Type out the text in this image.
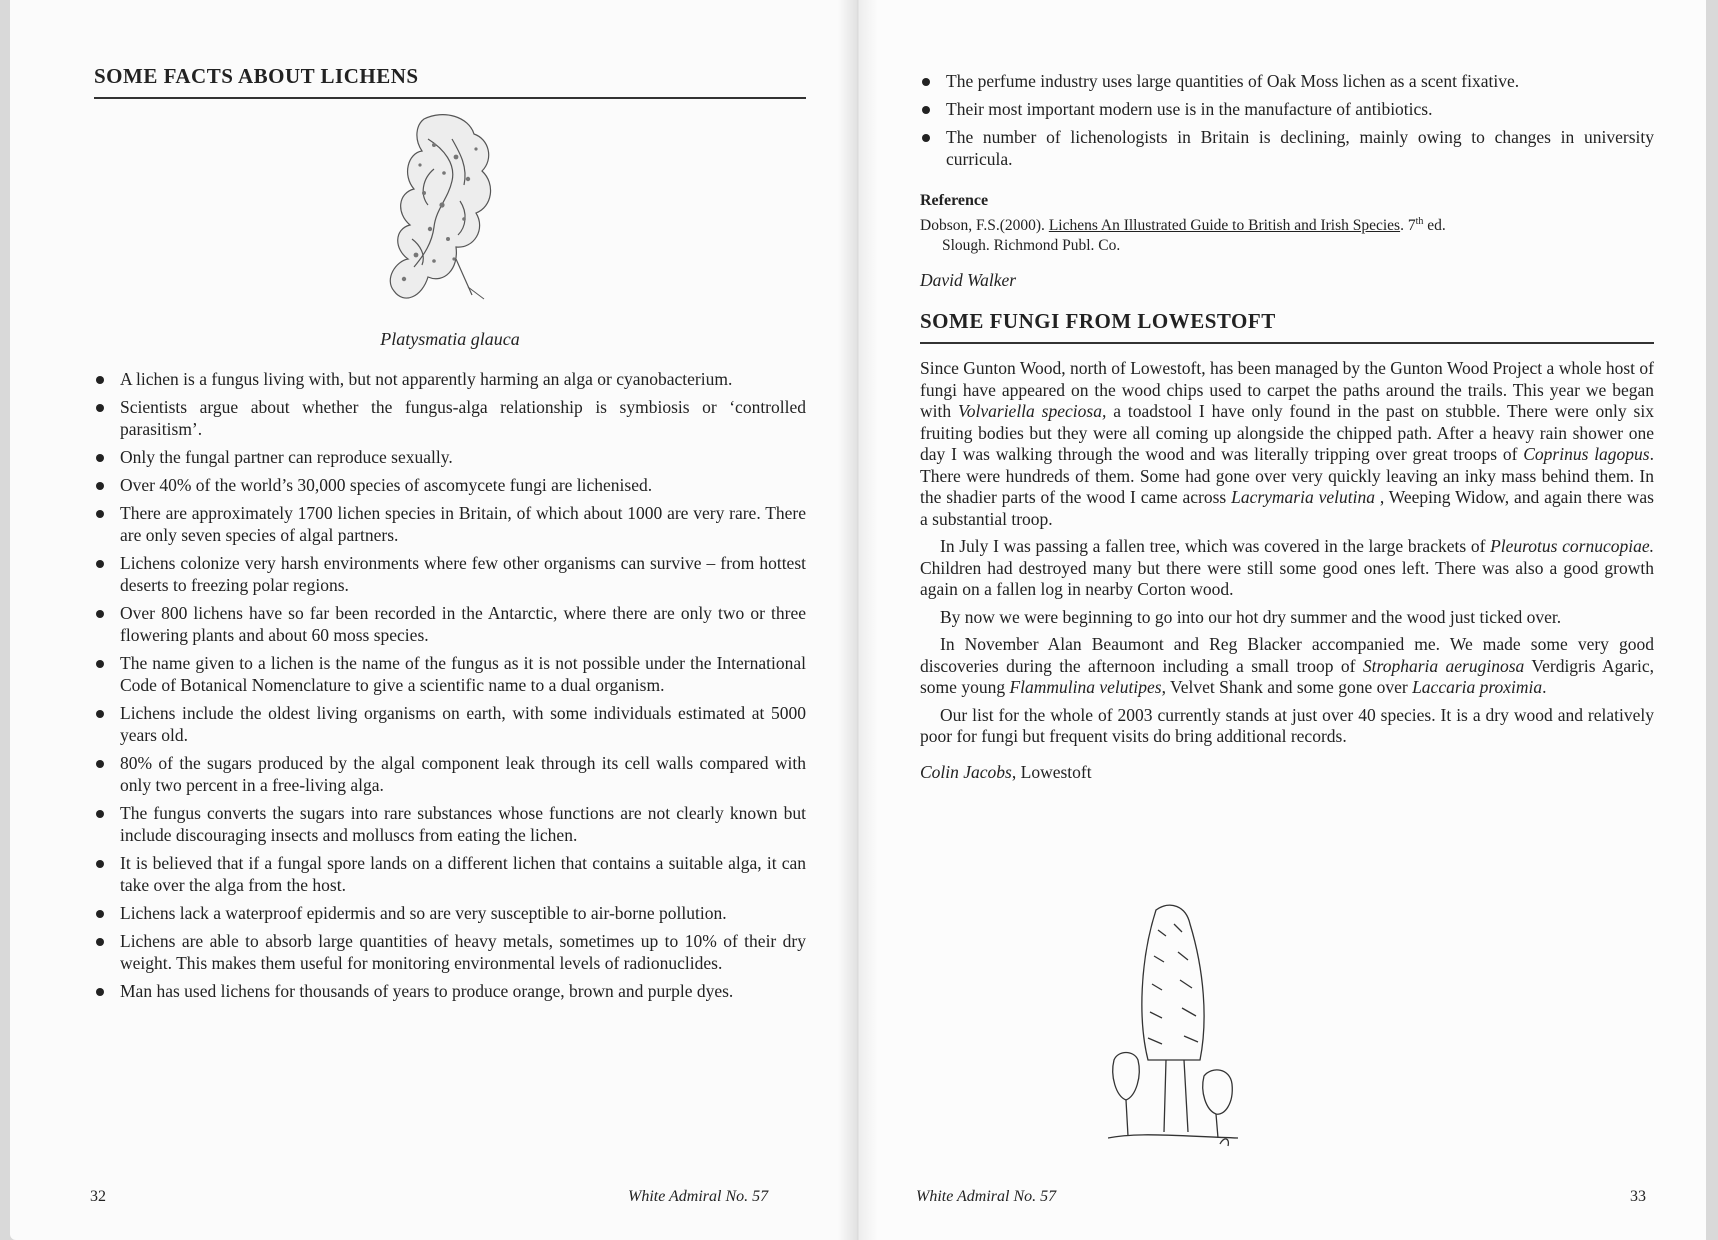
SOME FACTS ABOUT LICHENS
Platysmatia glauca
A lichen is a fungus living with, but not apparently harming an alga or cyanobacterium.
Scientists argue about whether the fungus-alga relationship is symbiosis or ‘controlled parasitism’.
Only the fungal partner can reproduce sexually.
Over 40% of the world’s 30,000 species of ascomycete fungi are lichenised.
There are approximately 1700 lichen species in Britain, of which about 1000 are very rare. There are only seven species of algal partners.
Lichens colonize very harsh environments where few other organisms can survive – from hottest deserts to freezing polar regions.
Over 800 lichens have so far been recorded in the Antarctic, where there are only two or three flowering plants and about 60 moss species.
The name given to a lichen is the name of the fungus as it is not possible under the International Code of Botanical Nomenclature to give a scientific name to a dual organism.
Lichens include the oldest living organisms on earth, with some individuals estimated at 5000 years old.
80% of the sugars produced by the algal component leak through its cell walls compared with only two percent in a free-living alga.
The fungus converts the sugars into rare substances whose functions are not clearly known but include discouraging insects and molluscs from eating the lichen.
It is believed that if a fungal spore lands on a different lichen that contains a suitable alga, it can take over the alga from the host.
Lichens lack a waterproof epidermis and so are very susceptible to air-borne pollution.
Lichens are able to absorb large quantities of heavy metals, sometimes up to 10% of their dry weight. This makes them useful for monitoring environmental levels of radionuclides.
Man has used lichens for thousands of years to produce orange, brown and purple dyes.
32	White Admiral No. 57
The perfume industry uses large quantities of Oak Moss lichen as a scent fixative.
Their most important modern use is in the manufacture of antibiotics.
The number of lichenologists in Britain is declining, mainly owing to changes in university curricula.
Reference
Dobson, F.S.(2000). Lichens An Illustrated Guide to British and Irish Species. 7th ed.
Slough. Richmond Publ. Co.
David Walker
SOME FUNGI FROM LOWESTOFT

Since Gunton Wood, north of Lowestoft, has been managed by the Gunton Wood Project a whole host of fungi have appeared on the wood chips used to carpet the paths around the trails. This year we began with Volvariella speciosa, a toadstool I have only found in the past on stubble. There were only six fruiting bodies but they were all coming up alongside the chipped path. After a heavy rain shower one day I was walking through the wood and was literally tripping over great troops of Coprinus lagopus. There were hundreds of them. Some had gone over very quickly leaving an inky mass behind them. In the shadier parts of the wood I came across Lacrymaria velutina , Weeping Widow, and again there was a substantial troop.

In July I was passing a fallen tree, which was covered in the large brackets of Pleurotus cornucopiae. Children had destroyed many but there were still some good ones left. There was also a good growth again on a fallen log in nearby Corton wood.

By now we were beginning to go into our hot dry summer and the wood just ticked over.

In November Alan Beaumont and Reg Blacker accompanied me. We made some very good discoveries during the afternoon including a small troop of Stropharia aeruginosa Verdigris Agaric, some young Flammulina velutipes, Velvet Shank and some gone over Laccaria proximia.

Our list for the whole of 2003 currently stands at just over 40 species. It is a dry wood and relatively poor for fungi but frequent visits do bring additional records.

Colin Jacobs, Lowestoft
White Admiral No. 57	33
